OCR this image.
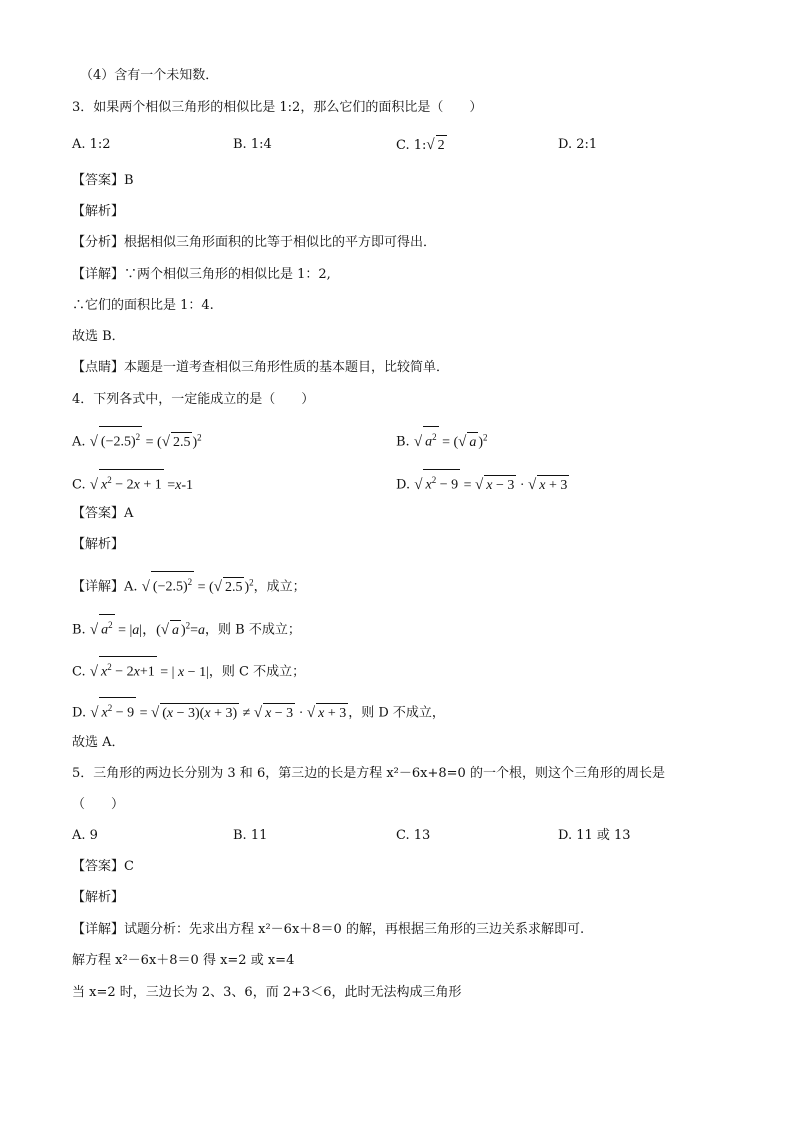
（4）含有一个未知数．
3．如果两个相似三角形的相似比是 1:2，那么它们的面积比是（　　）
A. 1:2	B. 1:4	C. 1:√ 2	D. 2:1
【答案】B
【解析】
【分析】根据相似三角形面积的比等于相似比的平方即可得出．
【详解】∵两个相似三角形的相似比是 1：2,
∴它们的面积比是 1：4.
故选 B．
【点睛】本题是一道考查相似三角形性质的基本题目，比较简单．
4．下列各式中，一定能成立的是（　　）
A. √ $(-2.5)^2$ = (√ 2.5 )$^2$	B. √ $a^2$ = (√ a )$^2$
C. √ $x^2 - 2x + 1 =x-1$	D. √ $x^2 - 9$ = √ x − 3 · √ x + 3
【答案】A
【解析】
【详解】A. √ $(-2.5)^2$ = (√ 2.5 )$^2$，成立；
B. √ $a^2 = |a|$，(√ a )$^2$=a，则 B 不成立；
C. √ $x^2 - 2x+1$ = | x − 1|，则 C 不成立；
D. √ $x^2 - 9$ = √ (x − 3)(x + 3) ≠ √ x − 3 · √ x + 3 ，则 D 不成立，
故选 A．
5．三角形的两边长分别为 3 和 6，第三边的长是方程 x²－6x+8=0 的一个根，则这个三角形的周长是
（　　）
A. 9	B. 11	C. 13	D. 11 或 13
【答案】C
【解析】
【详解】试题分析：先求出方程 x²－6x＋8＝0 的解，再根据三角形的三边关系求解即可.
解方程 x²－6x＋8＝0 得 x=2 或 x=4
当 x=2 时，三边长为 2、3、6，而 2+3＜6，此时无法构成三角形
